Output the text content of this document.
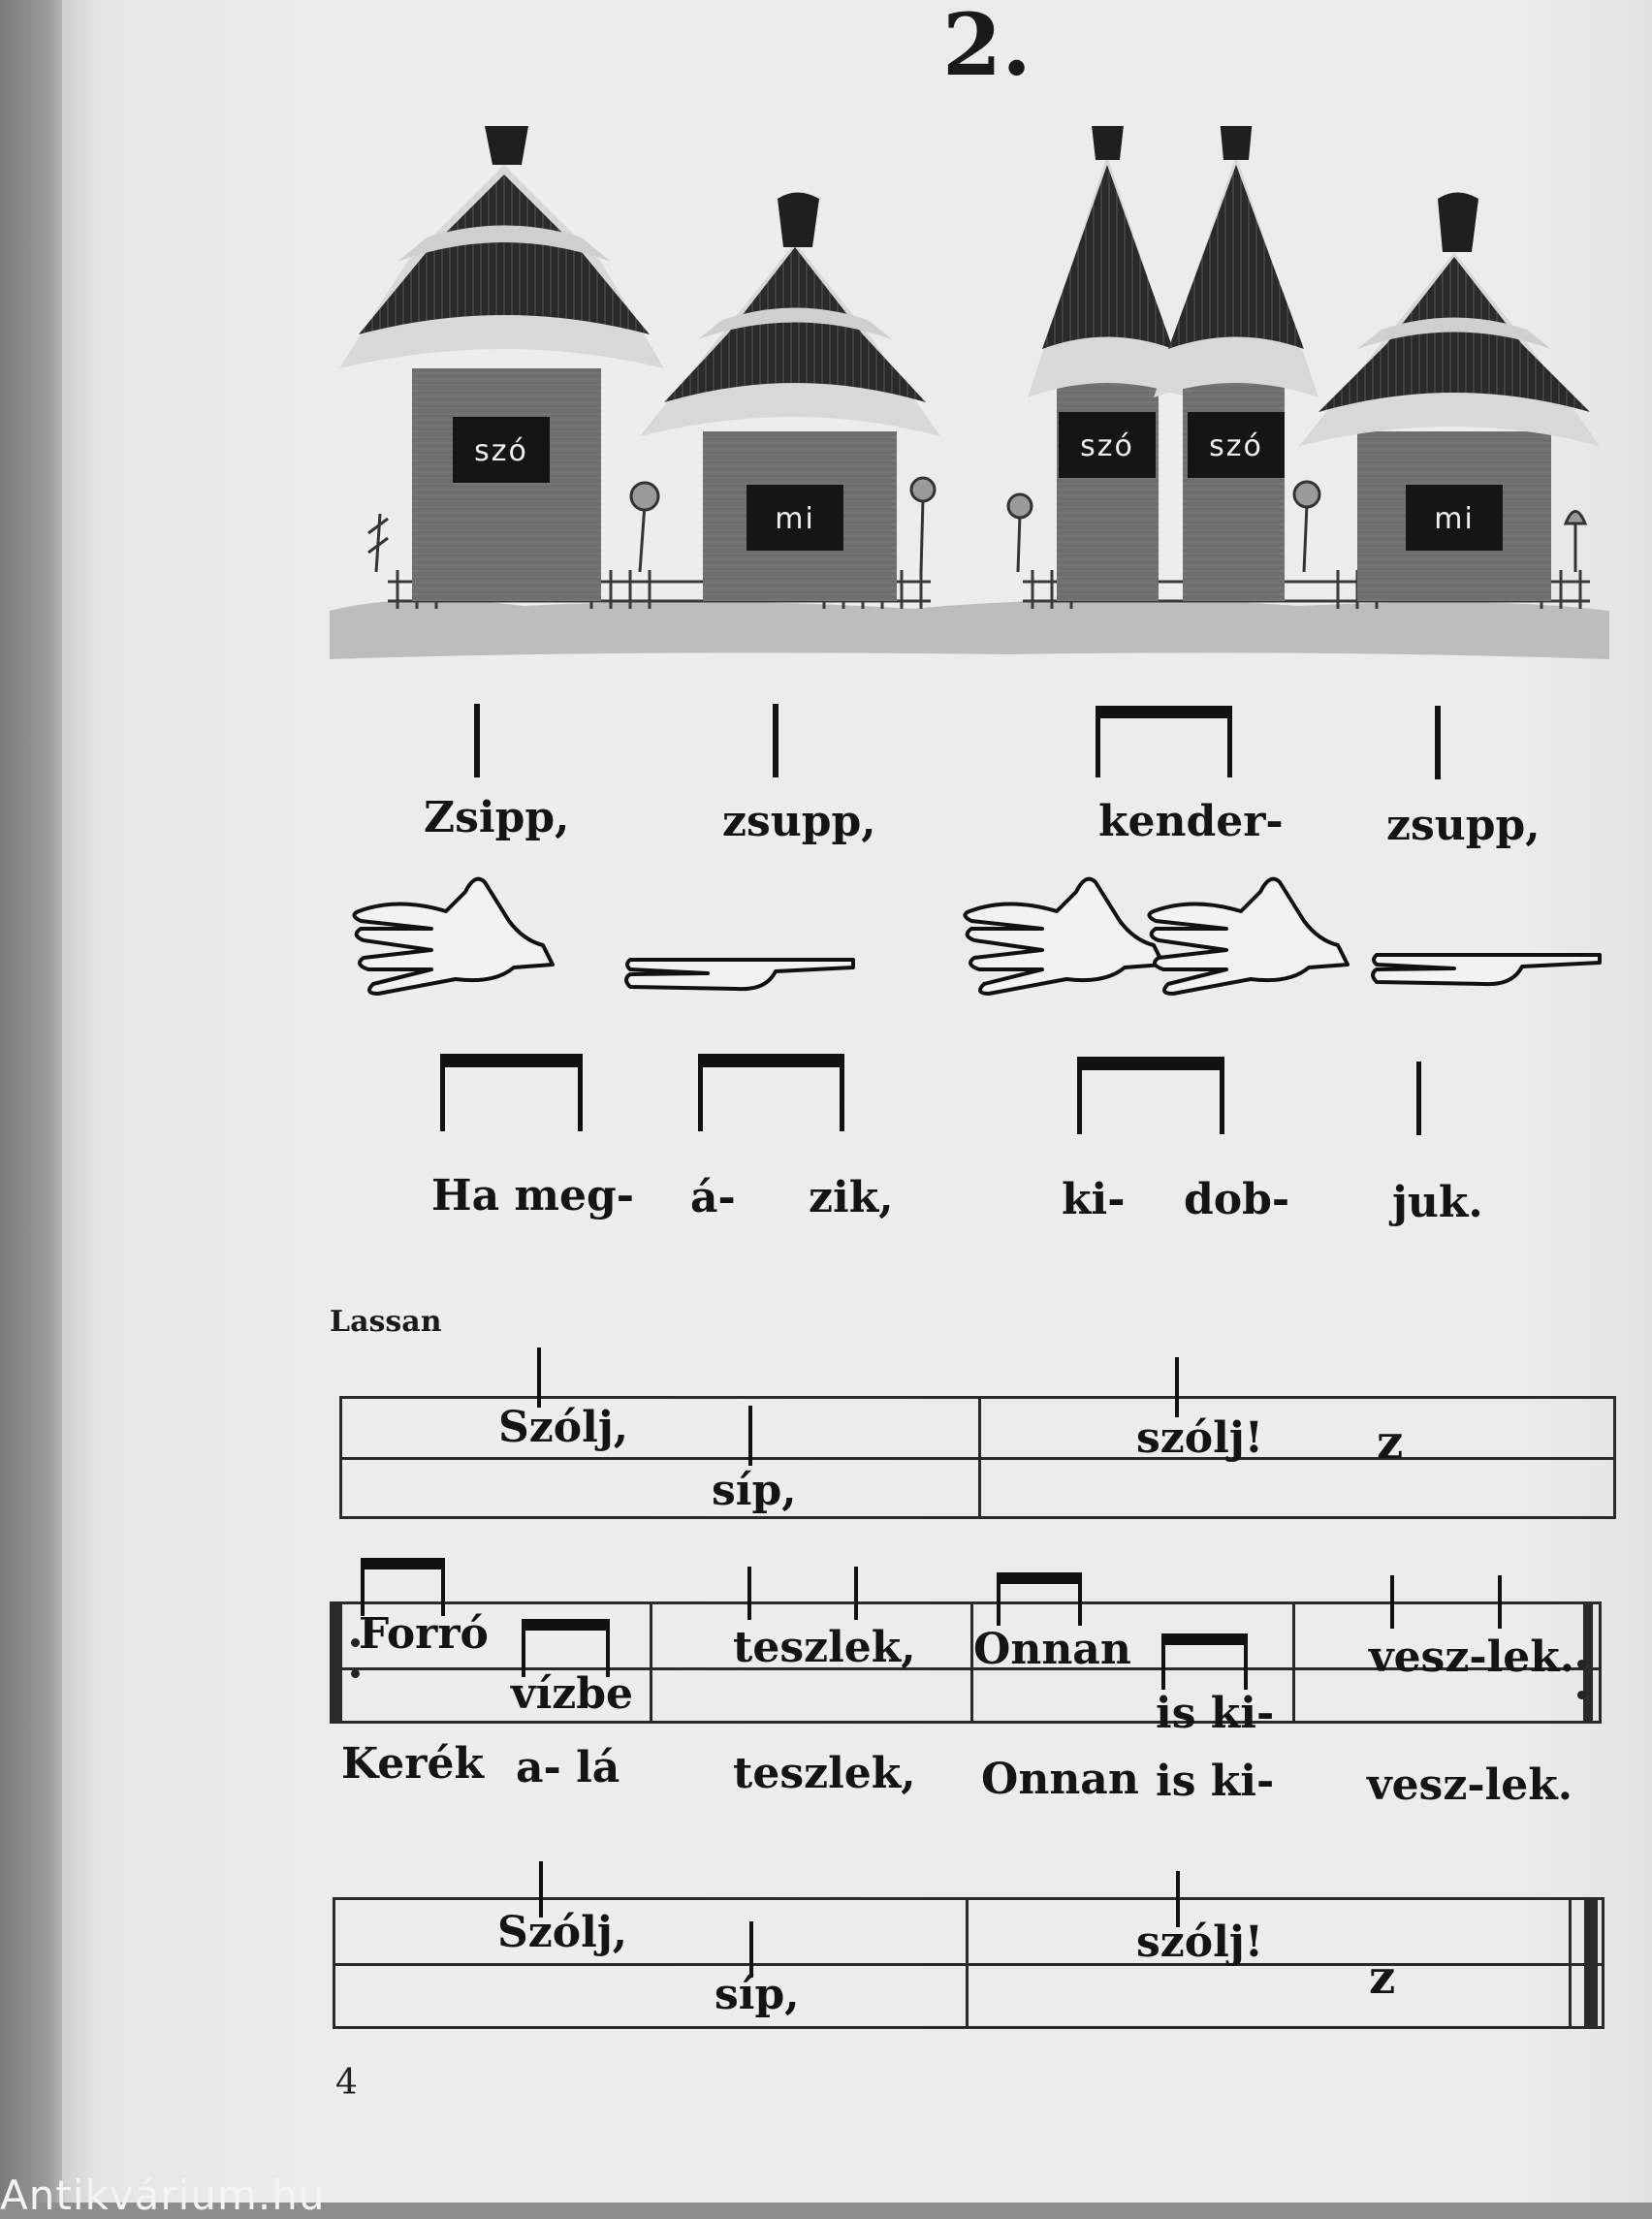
2.
szó
mi
szó	szó
mi
Zsipp,	zsupp,	kender- zsupp,
Ha meg- á- zik,	ki- dob- juk.
Lassan
Szólj,
síp,
szólj! z
Forró
vízbe
teszlek, Onnan
is ki-
vesz-lek.
Kerék a- lá	teszlek, Onnan is ki- vesz-lek.
Szólj,
síp,
szólj!
z
4
Antikvárium.hu
